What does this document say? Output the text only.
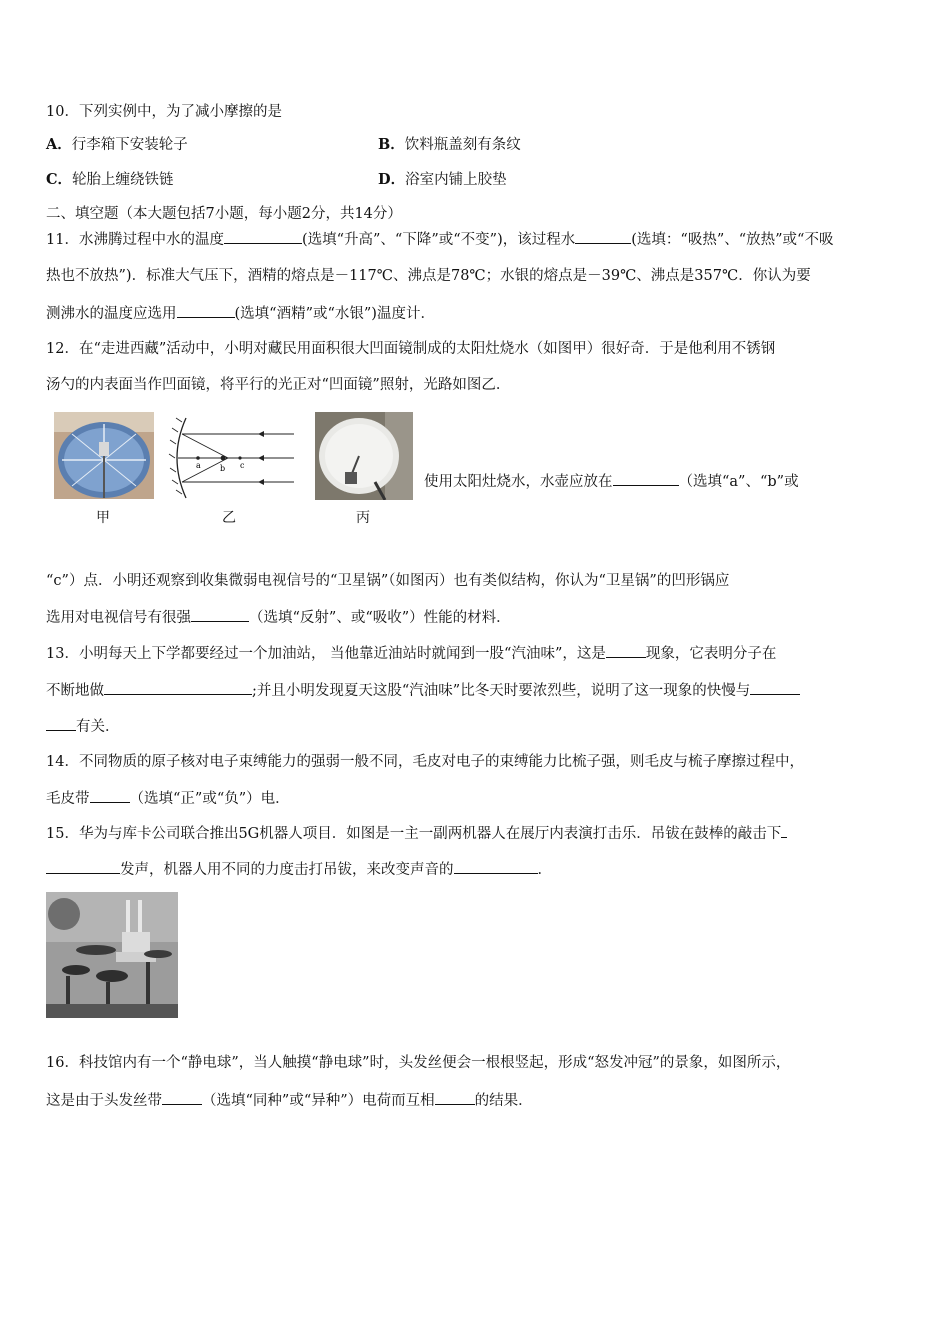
10．下列实例中，为了减小摩擦的是
A．行李箱下安装轮子	B．饮料瓶盖刻有条纹
C．轮胎上缠绕铁链	D．浴室内铺上胶垫
二、填空题（本大题包括7小题，每小题2分，共14分）
11．水沸腾过程中水的温度	(选填“升高”、“下降”或“不变”)，该过程水	(选填：“吸热”、“放热”或“不吸
热也不放热”)．标准大气压下，酒精的熔点是－117℃、沸点是78℃；水银的熔点是－39℃、沸点是357℃．你认为要
测沸水的温度应选用	(选填“酒精”或“水银”)温度计．
12．在“走进西藏”活动中，小明对藏民用面积很大凹面镜制成的太阳灶烧水（如图甲）很好奇．于是他利用不锈钢
汤勺的内表面当作凹面镜，将平行的光正对“凹面镜”照射，光路如图乙．
甲
a b c
乙	丙
使用太阳灶烧水，水壶应放在	（选填“a”、“b”或
“c”）点．小明还观察到收集微弱电视信号的“卫星锅”（如图丙）也有类似结构，你认为“卫星锅”的凹形锅应
选用对电视信号有很强	（选填“反射”、或“吸收”）性能的材料．
13．小明每天上下学都要经过一个加油站， 当他靠近油站时就闻到一股“汽油味”，这是	现象，它表明分子在
不断地做	;并且小明发现夏天这股“汽油味”比冬天时要浓烈些，说明了这一现象的快慢与
有关．
14．不同物质的原子核对电子束缚能力的强弱一般不同，毛皮对电子的束缚能力比梳子强，则毛皮与梳子摩擦过程中，
毛皮带	（选填“正”或“负”）电．
15．华为与库卡公司联合推出5G机器人项目．如图是一主一副两机器人在展厅内表演打击乐．吊钹在鼓棒的敲击下
发声，机器人用不同的力度击打吊钹，来改变声音的	．
16．科技馆内有一个“静电球”，当人触摸“静电球”时，头发丝便会一根根竖起，形成“怒发冲冠”的景象，如图所示，
这是由于头发丝带	（选填“同种”或“异种”）电荷而互相	的结果．
